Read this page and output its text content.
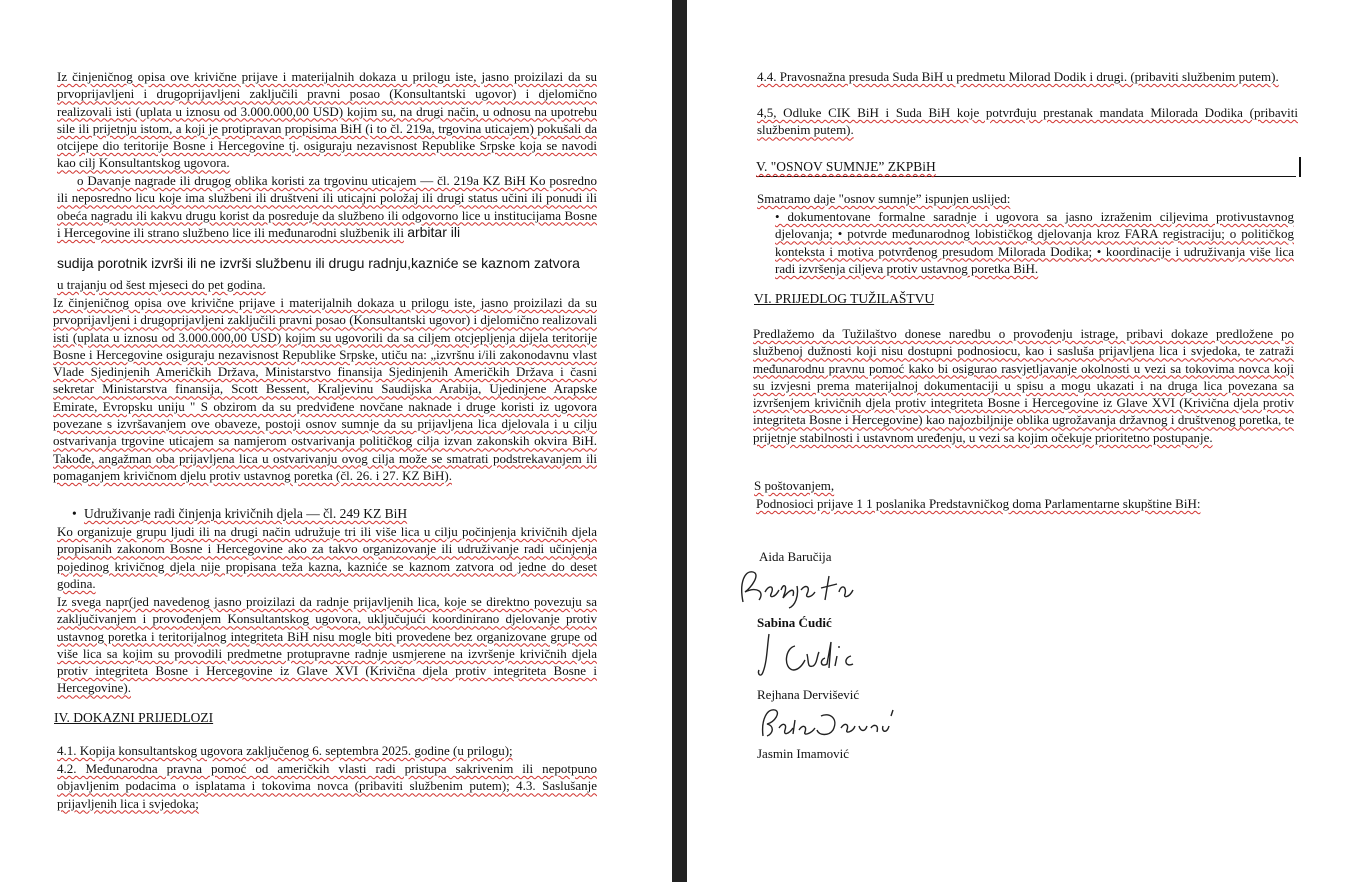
Iz činjeničnog opisa ove krivične prijave i materijalnih dokaza u prilogu iste, jasno proizilazi da su prvoprijavljeni i drugoprijavljeni zaključili pravni posao (Konsultantski ugovor) i djelomično realizovali isti (uplata u iznosu od 3.000.000,00 USD) kojim su, na drugi način, u odnosu na upotrebu sile ili prijetnju istom, a koji je protipravan propisima BiH (i to čl. 219a, trgovina uticajem) pokušali da otcijepe dio teritorije Bosne i Hercegovine tj. osiguraju nezavisnost Republike Srpske koja se navodi kao cilj Konsultantskog ugovora.

o Davanje nagrade ili drugog oblika koristi za trgovinu uticajem — čl. 219a KZ BiH Ko posredno ili neposredno licu koje ima službeni ili društveni ili uticajni položaj ili drugi status učini ili ponudi ili obeća nagradu ili kakvu drugu korist da posreduje da službeno ili odgovorno lice u institucijama Bosne i Hercegovine ili strano službeno lice ili međunarodni službenik ili arbitar ili

sudija porotnik izvrši ili ne izvrši službenu ili drugu radnju,kazniće se kaznom zatvora

u trajanju od šest mjeseci do pet godina.

Iz činjeničnog opisa ove krivične prijave i materijalnih dokaza u prilogu iste, jasno proizilazi da su prvoprijavljeni i drugoprijavljeni zaključili pravni posao (Konsultantski ugovor) i djelomično realizovali isti (uplata u iznosu od 3.000.000,00 USD) kojim su ugovorili da sa ciljem otcjepljenja dijela teritorije Bosne i Hercegovine osiguraju nezavisnost Republike Srpske, utiču na: „izvršnu i/ili zakonodavnu vlast Vlade Sjedinjenih Američkih Država, Ministarstvo finansija Sjedinjenih Američkih Država i časni sekretar Ministarstva finansija, Scott Bessent, Kraljevinu Saudijska Arabija, Ujedinjene Arapske Emirate, Evropsku uniju " S obzirom da su predviđene novčane naknade i druge koristi iz ugovora povezane s izvršavanjem ove obaveze, postoji osnov sumnje da su prijavljena lica djelovala i u cilju ostvarivanja trgovine uticajem sa namjerom ostvarivanja političkog cilja izvan zakonskih okvira BiH. Takođe, angažman oba prijavljena lica u ostvarivanju ovog cilja može se smatrati podstrekavanjem ili pomaganjem krivičnom djelu protiv ustavnog poretka (čl. 26. i 27. KZ BiH).

• Udruživanje radi činjenja krivičnih djela — čl. 249 KZ BiH

Ko organizuje grupu ljudi ili na drugi način udružuje tri ili više lica u cilju počinjenja krivičnih djela propisanih zakonom Bosne i Hercegovine ako za takvo organizovanje ili udruživanje radi učinjenja pojedinog krivičnog djela nije propisana teža kazna, kazniće se kaznom zatvora od jedne do deset godina.

Iz svega napr(jed navedenog jasno proizilazi da radnje prijavljenih lica, koje se direktno povezuju sa zaključivanjem i provođenjem Konsultantskog ugovora, uključujući koordinirano djelovanje protiv ustavnog poretka i teritorijalnog integriteta BiH nisu mogle biti provedene bez organizovane grupe od više lica sa kojim su provodili predmetne protupravne radnje usmjerene na izvršenje krivičnih djela protiv integriteta Bosne i Hercegovine iz Glave XVI (Krivična djela protiv integriteta Bosne i Hercegovine).

IV. DOKAZNI PRIJEDLOZI

4.1. Kopija konsultantskog ugovora zaključenog 6. septembra 2025. godine (u prilogu);

4.2. Međunarodna pravna pomoć od američkih vlasti radi pristupa sakrivenim ili nepotpuno objavljenim podacima o isplatama i tokovima novca (pribaviti službenim putem); 4.3. Saslušanje prijavljenih lica i svjedoka;

4.4. Pravosnažna presuda Suda BiH u predmetu Milorad Dodik i drugi. (pribaviti službenim putem).

4,5, Odluke CIK BiH i Suda BiH koje potvrđuju prestanak mandata Milorada Dodika (pribaviti službenim putem).

V. "OSNOV SUMNJE” ZKPBiH

Smatramo daje "osnov sumnje” ispunjen uslijed:

• dokumentovane formalne saradnje i ugovora sa jasno izraženim ciljevima protivustavnog djelovanja; • potvrde međunarodnog lobističkog djelovanja kroz FARA registraciju; o političkog konteksta i motiva potvrđenog presudom Milorada Dodika; • koordinacije i udruživanja više lica radi izvršenja ciljeva protiv ustavnog poretka BiH.

VI. PRIJEDLOG TUŽILAŠTVU

Predlažemo da Tužilaštvo donese naredbu o provođenju istrage, pribavi dokaze predložene po službenoj dužnosti koji nisu dostupni podnosiocu, kao i saslušа prijavljena lica i svjedoka, te zatraži međunarodnu pravnu pomoć kako bi osigurao rasvjetljavanje okolnosti u vezi sa tokovima novca koji su izvjesni prema materijalnoj dokumentaciji u spisu a mogu ukazati i na druga lica povezana sa izvršenjem krivičnih djela protiv integriteta Bosne i Hercegovine iz Glave XVI (Krivična djela protiv integriteta Bosne i Hercegovine) kao najozbiljnije oblika ugrožavanja državnog i društvenog poretka, te prijetnje stabilnosti i ustavnom uređenju, u vezi sa kojim očekuje prioritetno postupanje.

S poštovanjem,

Podnosioci prijave 1 1 poslanika Predstavničkog doma Parlamentarne skupštine BiH:

Aida Baručija
Sabina Ćudić
Rejhana Dervišević
Jasmin Imamović
